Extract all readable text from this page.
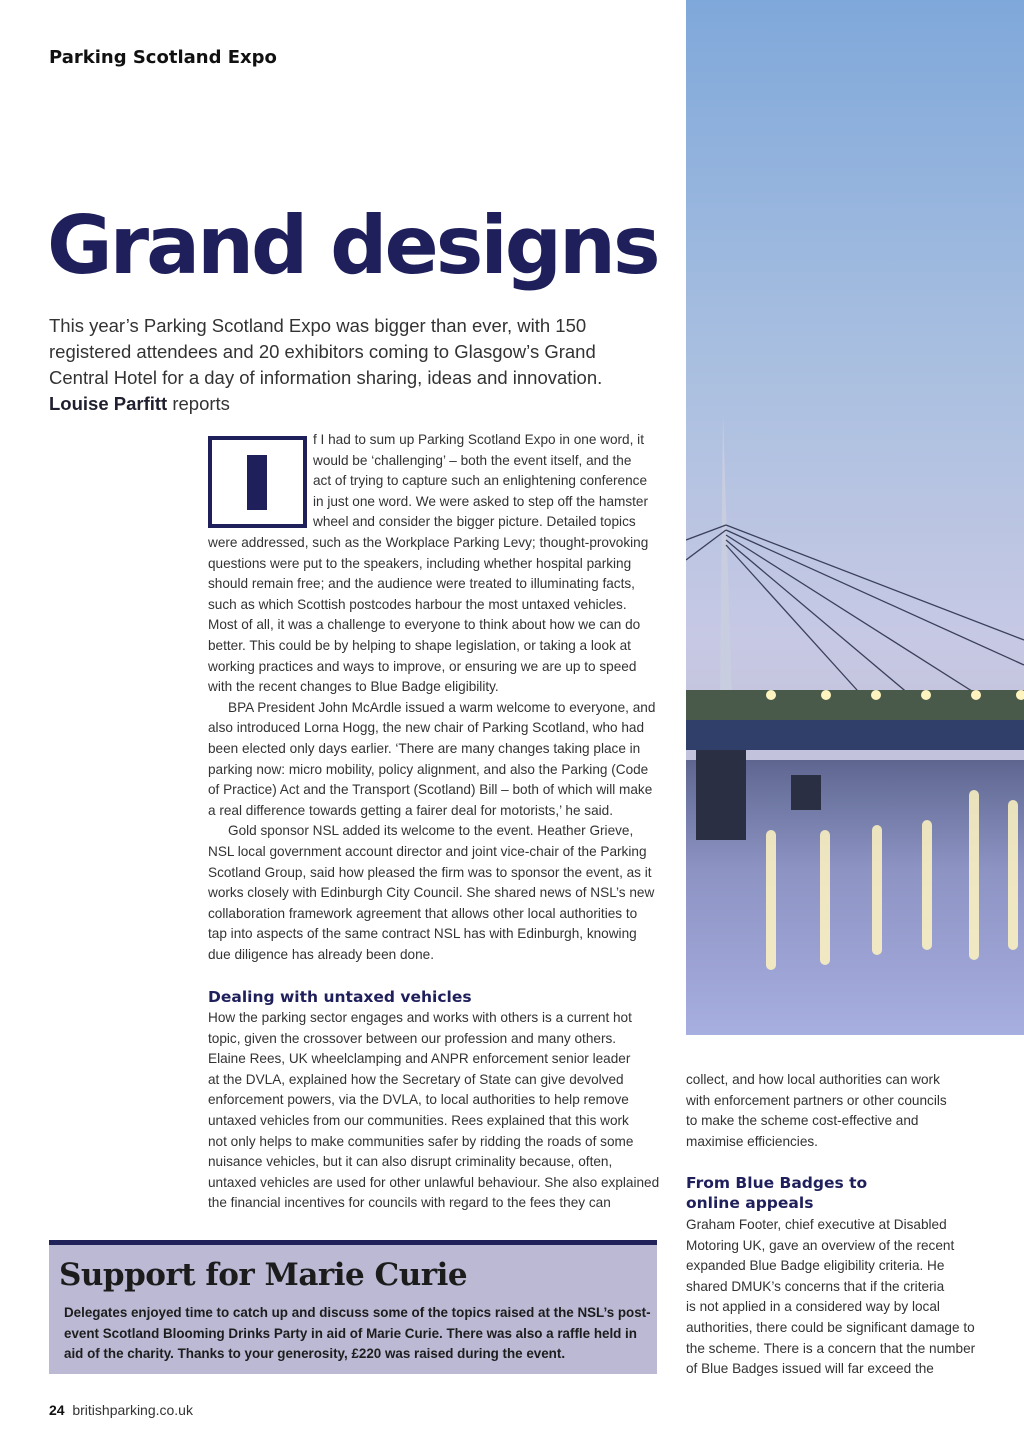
Parking Scotland Expo
Grand designs
This year’s Parking Scotland Expo was bigger than ever, with 150 registered attendees and 20 exhibitors coming to Glasgow’s Grand Central Hotel for a day of information sharing, ideas and innovation. Louise Parfitt reports
f I had to sum up Parking Scotland Expo in one word, it
would be ‘challenging’ – both the event itself, and the
act of trying to capture such an enlightening conference
in just one word. We were asked to step off the hamster
wheel and consider the bigger picture. Detailed topics
were addressed, such as the Workplace Parking Levy; thought-provoking
questions were put to the speakers, including whether hospital parking
should remain free; and the audience were treated to illuminating facts,
such as which Scottish postcodes harbour the most untaxed vehicles.
Most of all, it was a challenge to everyone to think about how we can do
better. This could be by helping to shape legislation, or taking a look at
working practices and ways to improve, or ensuring we are up to speed
with the recent changes to Blue Badge eligibility.
BPA President John McArdle issued a warm welcome to everyone, and
also introduced Lorna Hogg, the new chair of Parking Scotland, who had
been elected only days earlier. ‘There are many changes taking place in
parking now: micro mobility, policy alignment, and also the Parking (Code
of Practice) Act and the Transport (Scotland) Bill – both of which will make
a real difference towards getting a fairer deal for motorists,’ he said.
Gold sponsor NSL added its welcome to the event. Heather Grieve,
NSL local government account director and joint vice-chair of the Parking
Scotland Group, said how pleased the firm was to sponsor the event, as it
works closely with Edinburgh City Council. She shared news of NSL’s new
collaboration framework agreement that allows other local authorities to
tap into aspects of the same contract NSL has with Edinburgh, knowing
due diligence has already been done.
Dealing with untaxed vehicles
How the parking sector engages and works with others is a current hot
topic, given the crossover between our profession and many others.
Elaine Rees, UK wheelclamping and ANPR enforcement senior leader
at the DVLA, explained how the Secretary of State can give devolved
enforcement powers, via the DVLA, to local authorities to help remove
untaxed vehicles from our communities. Rees explained that this work
not only helps to make communities safer by ridding the roads of some
nuisance vehicles, but it can also disrupt criminality because, often,
untaxed vehicles are used for other unlawful behaviour. She also explained
the financial incentives for councils with regard to the fees they can
collect, and how local authorities can work
with enforcement partners or other councils
to make the scheme cost-effective and
maximise efficiencies.
From Blue Badges to
online appeals
Graham Footer, chief executive at Disabled
Motoring UK, gave an overview of the recent
expanded Blue Badge eligibility criteria. He
shared DMUK’s concerns that if the criteria
is not applied in a considered way by local
authorities, there could be significant damage to
the scheme. There is a concern that the number
of Blue Badges issued will far exceed the
Support for Marie Curie

Delegates enjoyed time to catch up and discuss some of the topics raised at the NSL’s post-event Scotland Blooming Drinks Party in aid of Marie Curie. There was also a raffle held in aid of the charity. Thanks to your generosity, £220 was raised during the event.

24 britishparking.co.uk
